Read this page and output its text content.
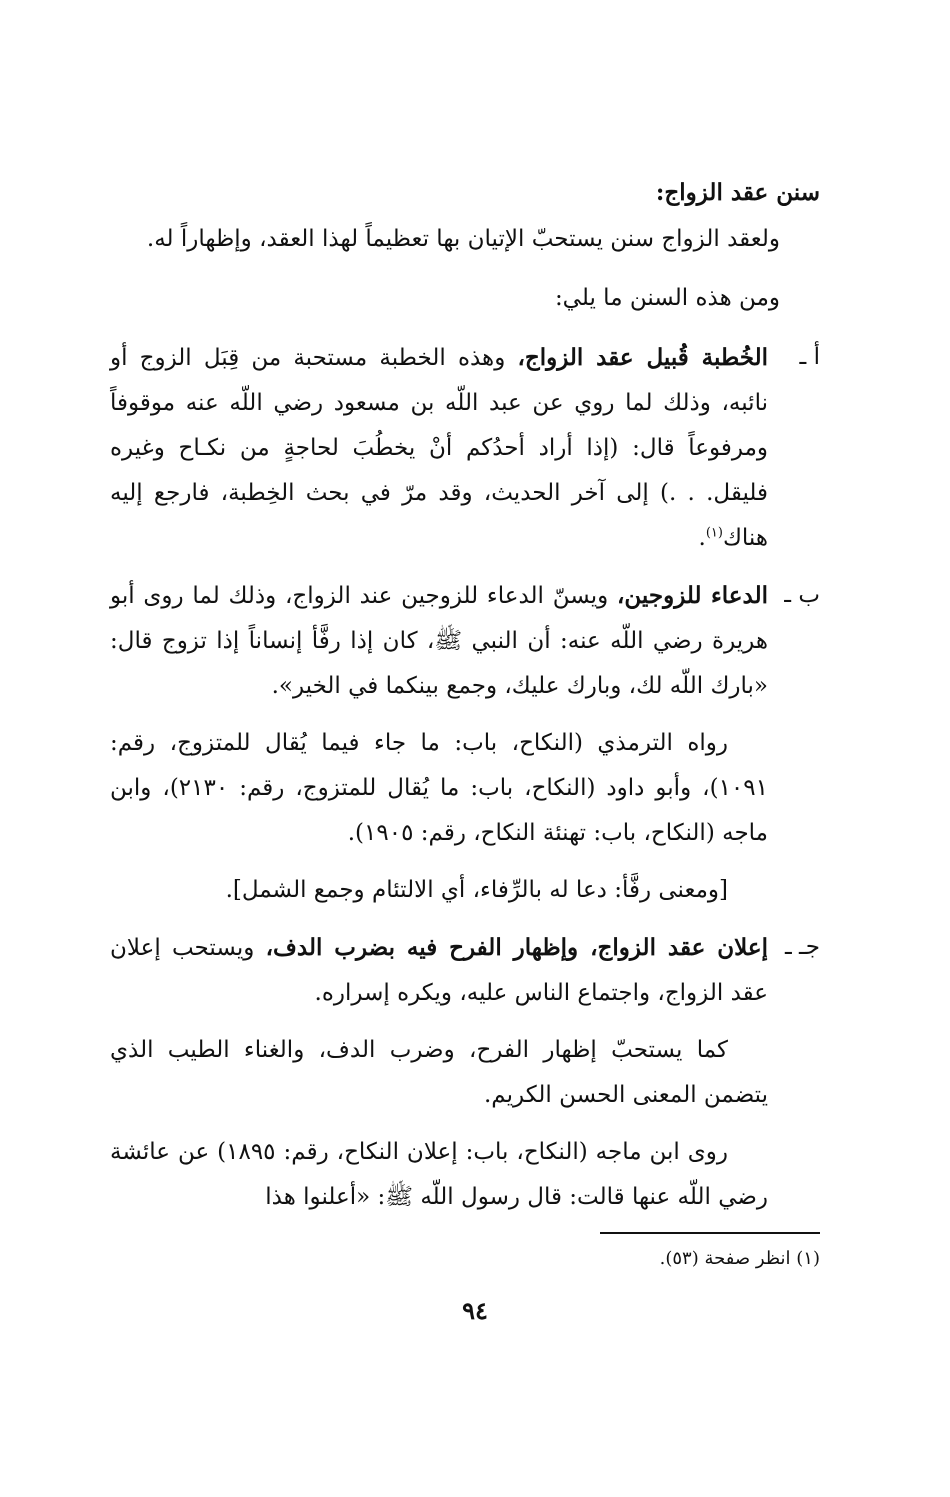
سنن عقد الزواج:
ولعقد الزواج سنن يستحبّ الإتيان بها تعظيماً لهذا العقد، وإظهاراً له.
ومن هذه السنن ما يلي:
أ ـ
الخُطبة قُبيل عقد الزواج، وهذه الخطبة مستحبة من قِبَل الزوج أو نائبه، وذلك لما روي عن عبد اللّه بن مسعود رضي اللّه عنه موقوفاً ومرفوعاً قال: (إذا أراد أحدُكم أنْ يخطُبَ لحاجةٍ من نكـاح وغيره فليقل. . .) إلى آخر الحديث، وقد مرّ في بحث الخِطبة، فارجع إليه هناك$^{(١)}$.
ب ـ
الدعاء للزوجين، ويسنّ الدعاء للزوجين عند الزواج، وذلك لما روى أبو هريرة رضي اللّه عنه: أن النبي ﷺ، كان إذا رفَّأ إنساناً إذا تزوج قال: «بارك اللّه لك، وبارك عليك، وجمع بينكما في الخير».
رواه الترمذي (النكاح، باب: ما جاء فيما يُقال للمتزوج، رقم: ١٠٩١)، وأبو داود (النكاح، باب: ما يُقال للمتزوج، رقم: ٢١٣٠)، وابن ماجه (النكاح، باب: تهنئة النكاح، رقم: ١٩٠٥).
[ومعنى رفَّأ: دعا له بالرِّفاء، أي الالتئام وجمع الشمل].
جـ ـ
إعلان عقد الزواج، وإظهار الفرح فيه بضرب الدف، ويستحب إعلان عقد الزواج، واجتماع الناس عليه، ويكره إسراره.
كما يستحبّ إظهار الفرح، وضرب الدف، والغناء الطيب الذي يتضمن المعنى الحسن الكريم.
روى ابن ماجه (النكاح، باب: إعلان النكاح، رقم: ١٨٩٥) عن عائشة رضي اللّه عنها قالت: قال رسول اللّه ﷺ: «أعلنوا هذا
(١) انظر صفحة (٥٣).
٩٤
